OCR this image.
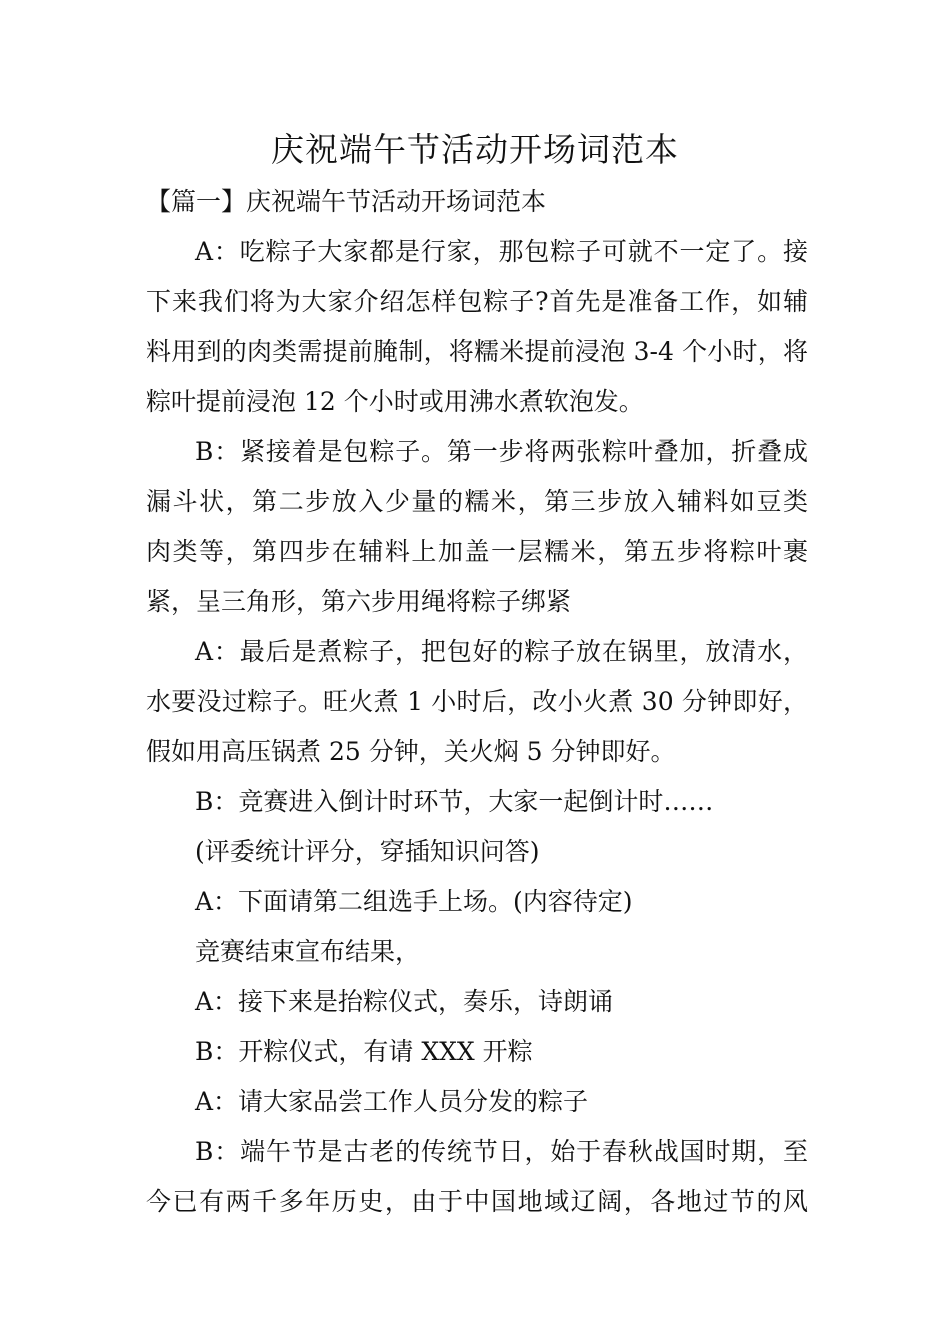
庆祝端午节活动开场词范本
【篇一】庆祝端午节活动开场词范本
A：吃粽子大家都是行家，那包粽子可就不一定了。接
下来我们将为大家介绍怎样包粽子?首先是准备工作，如辅
料用到的肉类需提前腌制，将糯米提前浸泡 3-4 个小时，将
粽叶提前浸泡 12 个小时或用沸水煮软泡发。
B：紧接着是包粽子。第一步将两张粽叶叠加，折叠成
漏斗状，第二步放入少量的糯米，第三步放入辅料如豆类
肉类等，第四步在辅料上加盖一层糯米，第五步将粽叶裹
紧，呈三角形，第六步用绳将粽子绑紧
A：最后是煮粽子，把包好的粽子放在锅里，放清水，
水要没过粽子。旺火煮 1 小时后，改小火煮 30 分钟即好，
假如用高压锅煮 25 分钟，关火焖 5 分钟即好。
B：竞赛进入倒计时环节，大家一起倒计时……
(评委统计评分，穿插知识问答)
A：下面请第二组选手上场。(内容待定)
竞赛结束宣布结果，
A：接下来是抬粽仪式，奏乐，诗朗诵
B：开粽仪式，有请 XXX 开粽
A：请大家品尝工作人员分发的粽子
B：端午节是古老的传统节日，始于春秋战国时期，至
今已有两千多年历史，由于中国地域辽阔，各地过节的风
